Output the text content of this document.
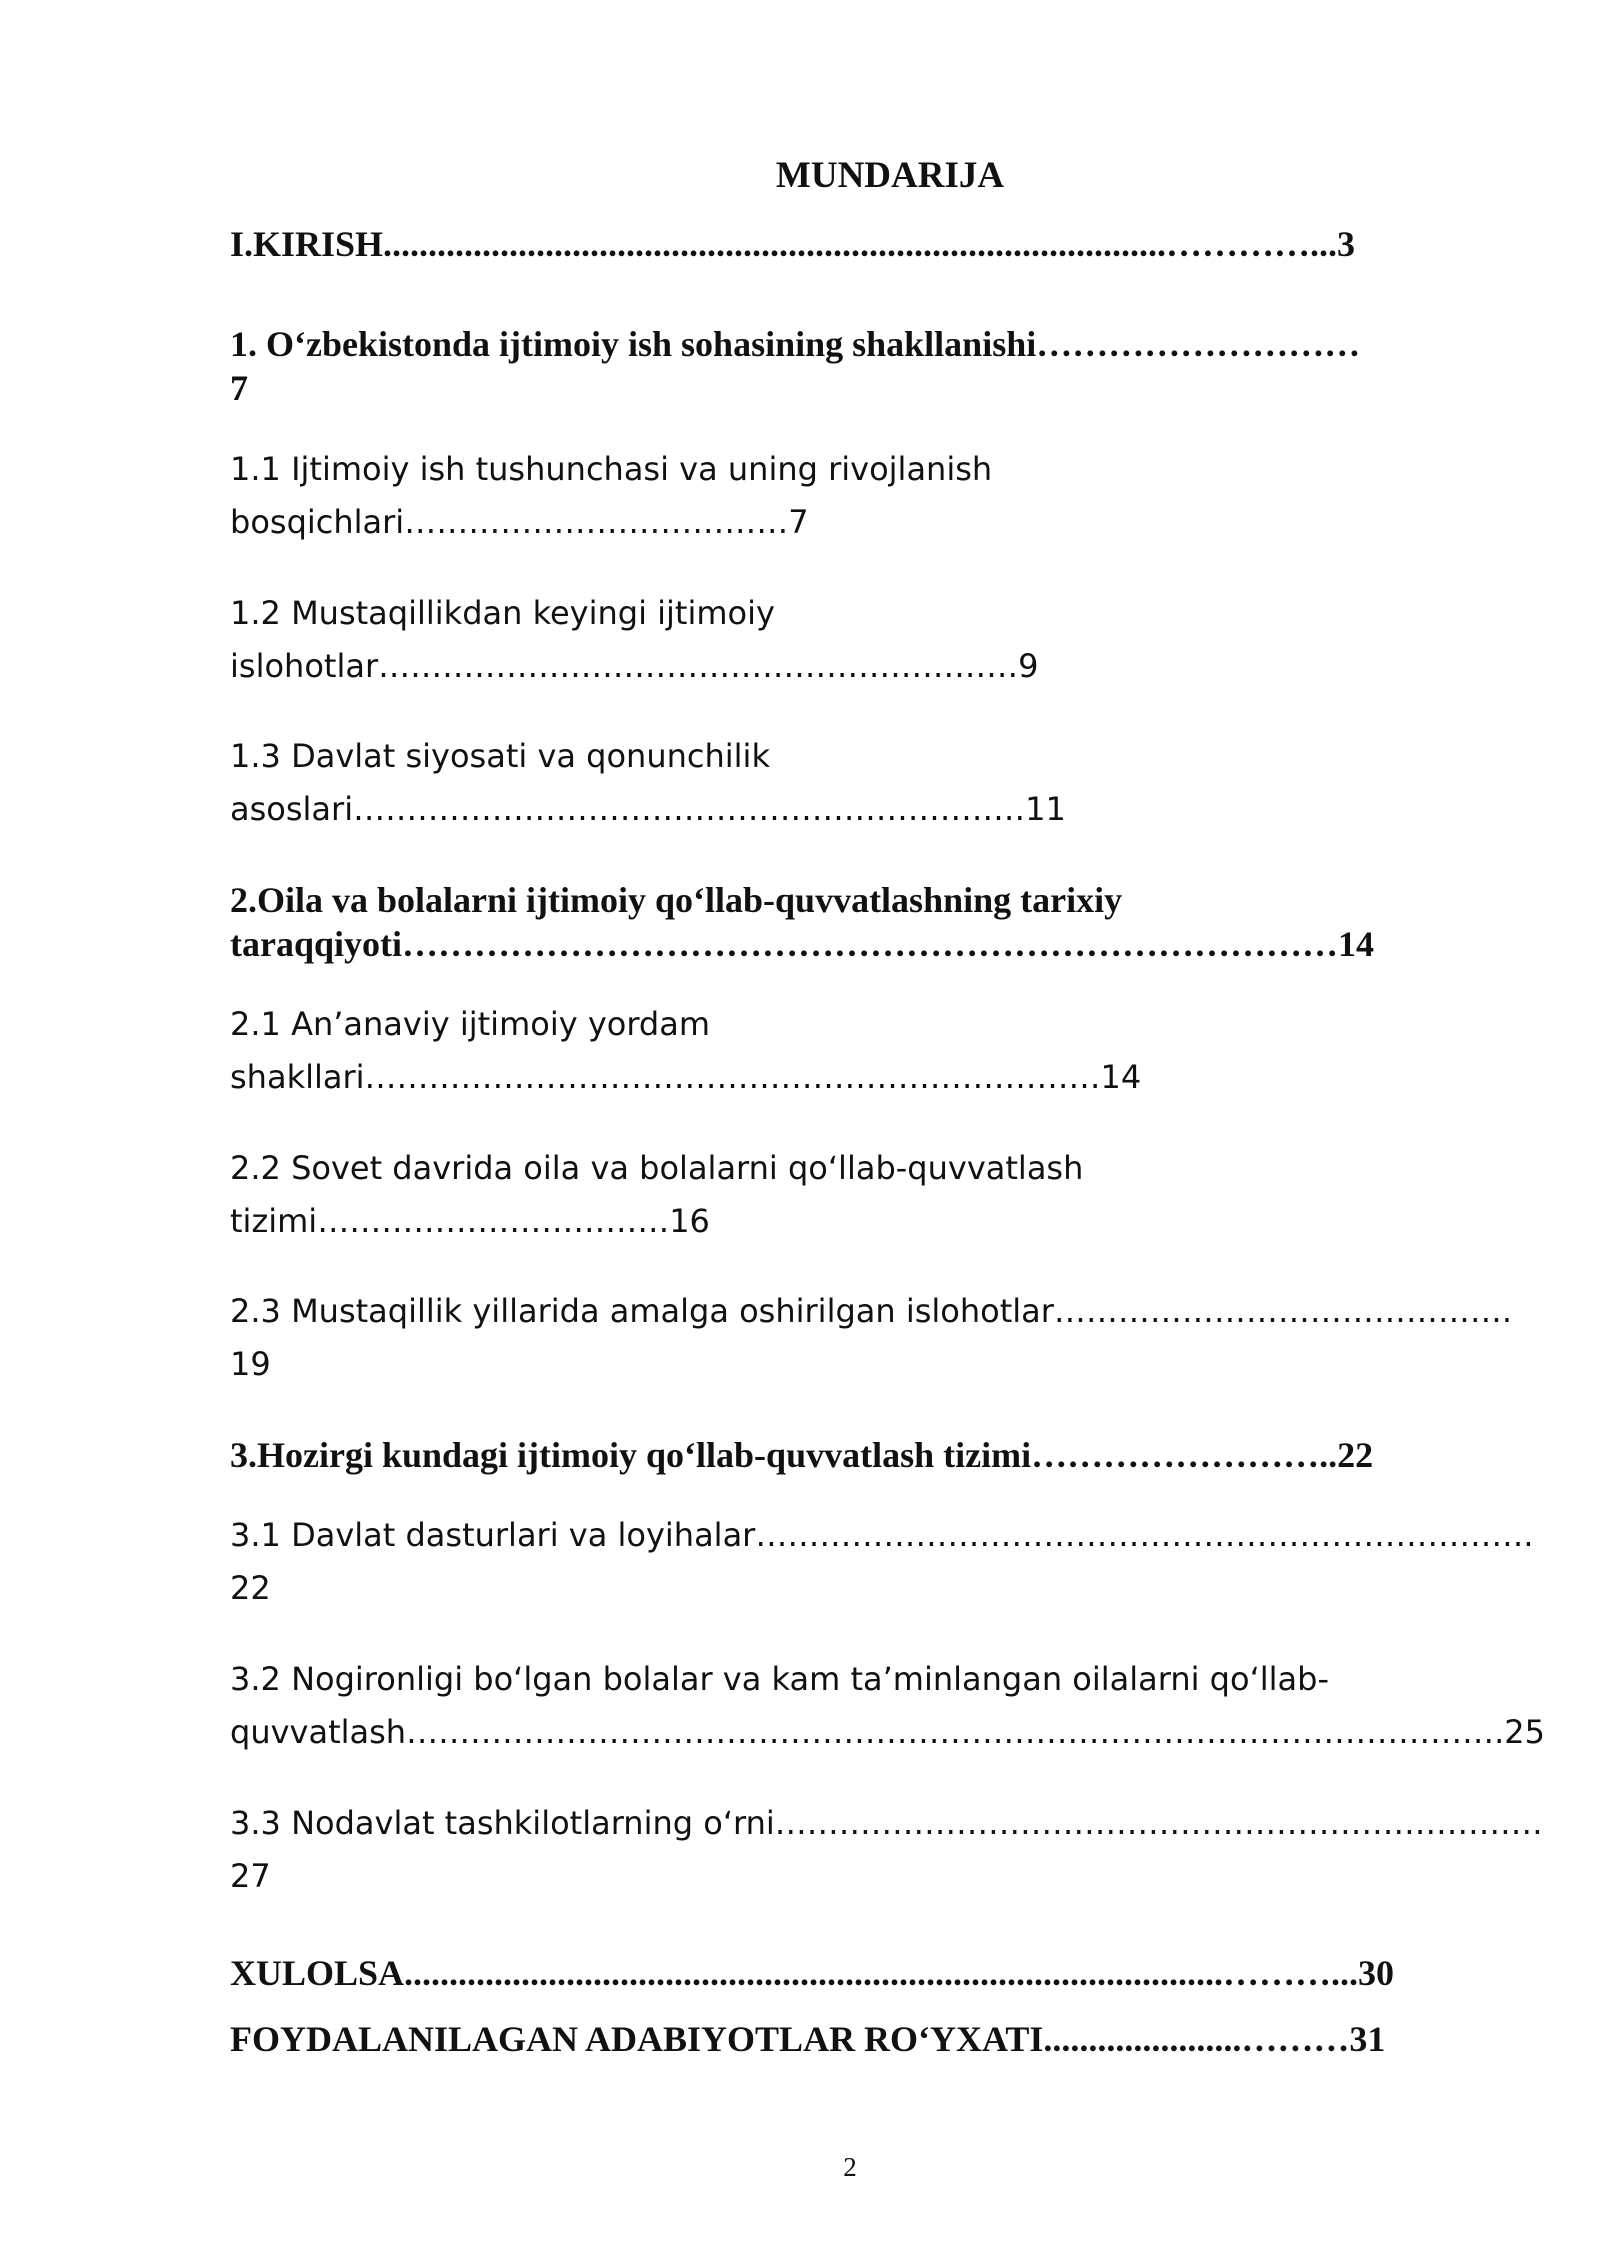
MUNDARIJA
I.KIRISH.......................................................................................…………...3
1. O‘zbekistonda ijtimoiy ish sohasining shakllanishi………………………
7
1.1 Ijtimoiy ish tushunchasi va uning rivojlanish
bosqichlari………………………………7
1.2 Mustaqillikdan keyingi ijtimoiy
islohotlar……………………………………………………9
1.3 Davlat siyosati va qonunchilik
asoslari………………………………………………………11
2.Oila va bolalarni ijtimoiy qo‘llab-quvvatlashning tarixiy
taraqqiyoti……………………………………………………………………14
2.1 An’anaviy ijtimoiy yordam
shakllari……………………………………………………………14
2.2 Sovet davrida oila va bolalarni qo‘llab-quvvatlash
tizimi……………………………16
2.3 Mustaqillik yillarida amalga oshirilgan islohotlar…………………………………….
19
3.Hozirgi kundagi ijtimoiy qo‘llab-quvvatlash tizimi……………………..22
3.1 Davlat dasturlari va loyihalar……………………………………………………………….
22
3.2 Nogironligi bo‘lgan bolalar va kam ta’minlangan oilalarni qo‘llab-
quvvatlash………………………………………………………………………………………….25
3.3 Nodavlat tashkilotlarning o‘rni………………………………………………………………
27
XULOLSA...........................................................................................………...30
FOYDALANILAGAN ADABIYOTLAR RO‘YXATI......................………31
2
